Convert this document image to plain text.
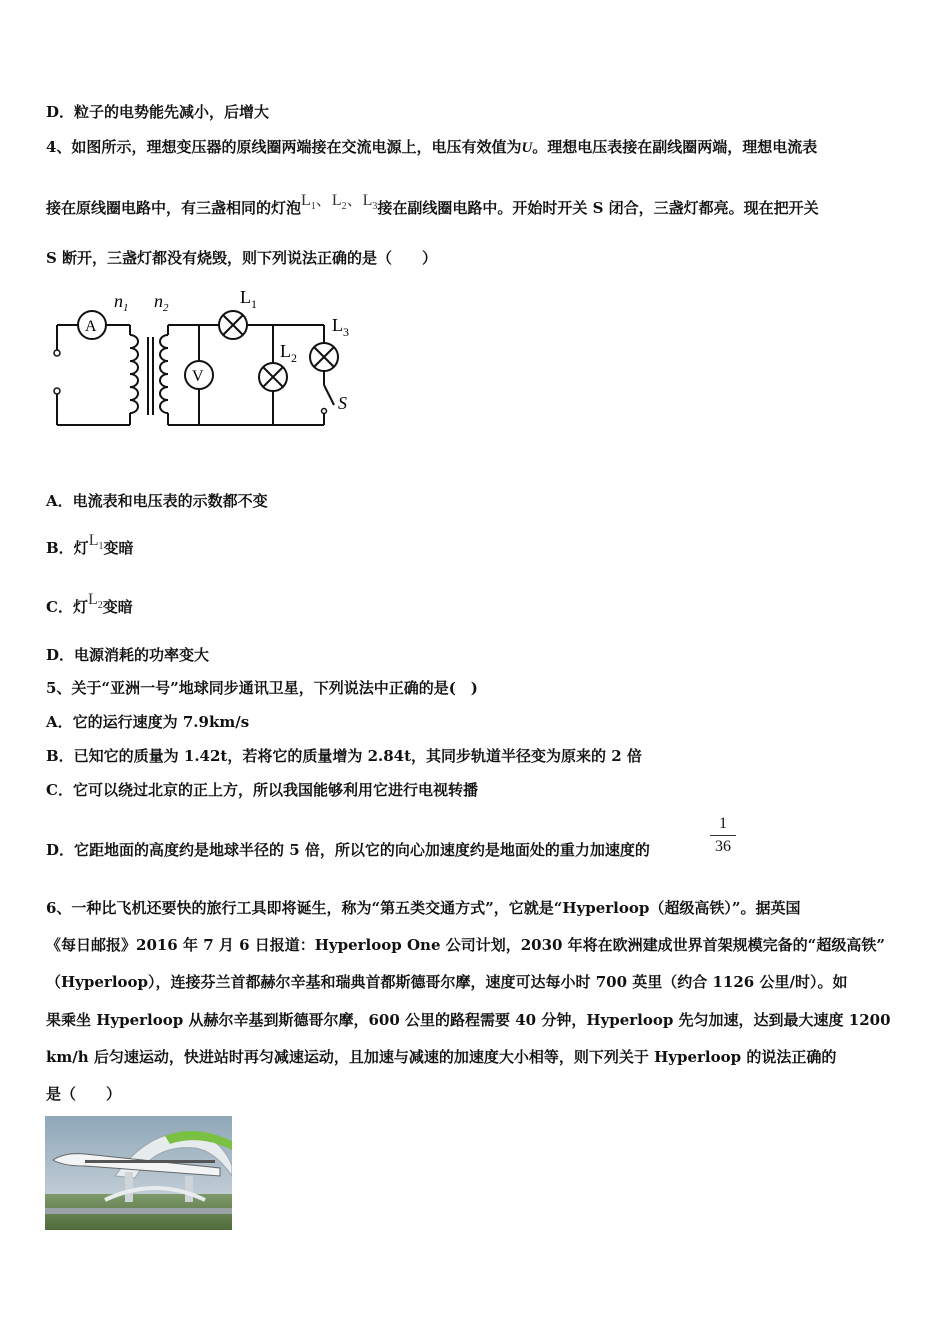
D．粒子的电势能先减小，后增大
4、如图所示，理想变压器的原线圈两端接在交流电源上，电压有效值为U。理想电压表接在副线圈两端，理想电流表
接在原线圈电路中，有三盏相同的灯泡$L_1$、$L_2$、$L_3$接在副线圈电路中。开始时开关 S 闭合，三盏灯都亮。现在把开关
S 断开，三盏灯都没有烧毁，则下列说法正确的是（　　）
A
V
$n_1$ $n_2$
$L_1$
$L_2$
$L_3$
S
A．电流表和电压表的示数都不变
B．灯$L_1$变暗
C．灯$L_2$变暗
D．电源消耗的功率变大
5、关于“亚洲一号”地球同步通讯卫星，下列说法中正确的是(　)
A．它的运行速度为 7.9km/s
B．已知它的质量为 1.42t，若将它的质量增为 2.84t，其同步轨道半径变为原来的 2 倍
C．它可以绕过北京的正上方，所以我国能够利用它进行电视转播
D．它距地面的高度约是地球半径的 5 倍，所以它的向心加速度约是地面处的重力加速度的	$\frac{1}{36}$
6、一种比飞机还要快的旅行工具即将诞生，称为“第五类交通方式”，它就是“Hyperloop（超级高铁）”。据英国
《每日邮报》2016 年 7 月 6 日报道：Hyperloop One 公司计划，2030 年将在欧洲建成世界首架规模完备的“超级高铁”
（Hyperloop），连接芬兰首都赫尔辛基和瑞典首都斯德哥尔摩，速度可达每小时 700 英里（约合 1126 公里/时）。如
果乘坐 Hyperloop 从赫尔辛基到斯德哥尔摩，600 公里的路程需要 40 分钟，Hyperloop 先匀加速，达到最大速度 1200
km/h 后匀速运动，快进站时再匀减速运动，且加速与减速的加速度大小相等，则下列关于 Hyperloop 的说法正确的
是（　　）
